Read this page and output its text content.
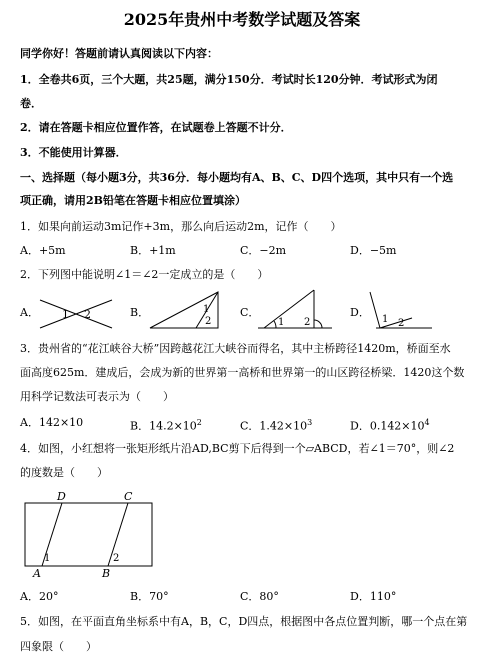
2025年贵州中考数学试题及答案
同学你好！答题前请认真阅读以下内容：
1．全卷共6页，三个大题，共25题，满分150分．考试时长120分钟．考试形式为闭
卷．
2．请在答题卡相应位置作答，在试题卷上答题不计分．
3．不能使用计算器．
一、选择题（每小题3分，共36分．每小题均有A、B、C、D四个选项，其中只有一个选
项正确，请用2B铅笔在答题卡相应位置填涂）
1．如果向前运动3m记作+3m，那么向后运动2m，记作（　　）
A．+5m	B．+1m	C．−2m	D．−5m
2．下列图中能说明∠1＝∠2一定成立的是（　　）
A． 1 2	B．	1
2
C．
1 2
D．
1 2
3．贵州省的“花江峡谷大桥”因跨越花江大峡谷而得名，其中主桥跨径1420m，桥面至水
面高度625m．建成后，会成为新的世界第一高桥和世界第一的山区跨径桥梁．1420这个数
用科学记数法可表示为（　　）
A．142×10	B．$14.2\times 10^2$	C．$1.42\times 10^3$	D．$0.142\times 10^4$
4．如图，小红想将一张矩形纸片沿AD,BC剪下后得到一个▱ABCD，若∠1＝70°，则∠2
的度数是（　　）
D	C
A	B
1	2
A．20°	B．70°	C．80°	D．110°
5．如图，在平面直角坐标系中有A，B，C，D四点，根据图中各点位置判断，哪一个点在第
四象限（　　）
